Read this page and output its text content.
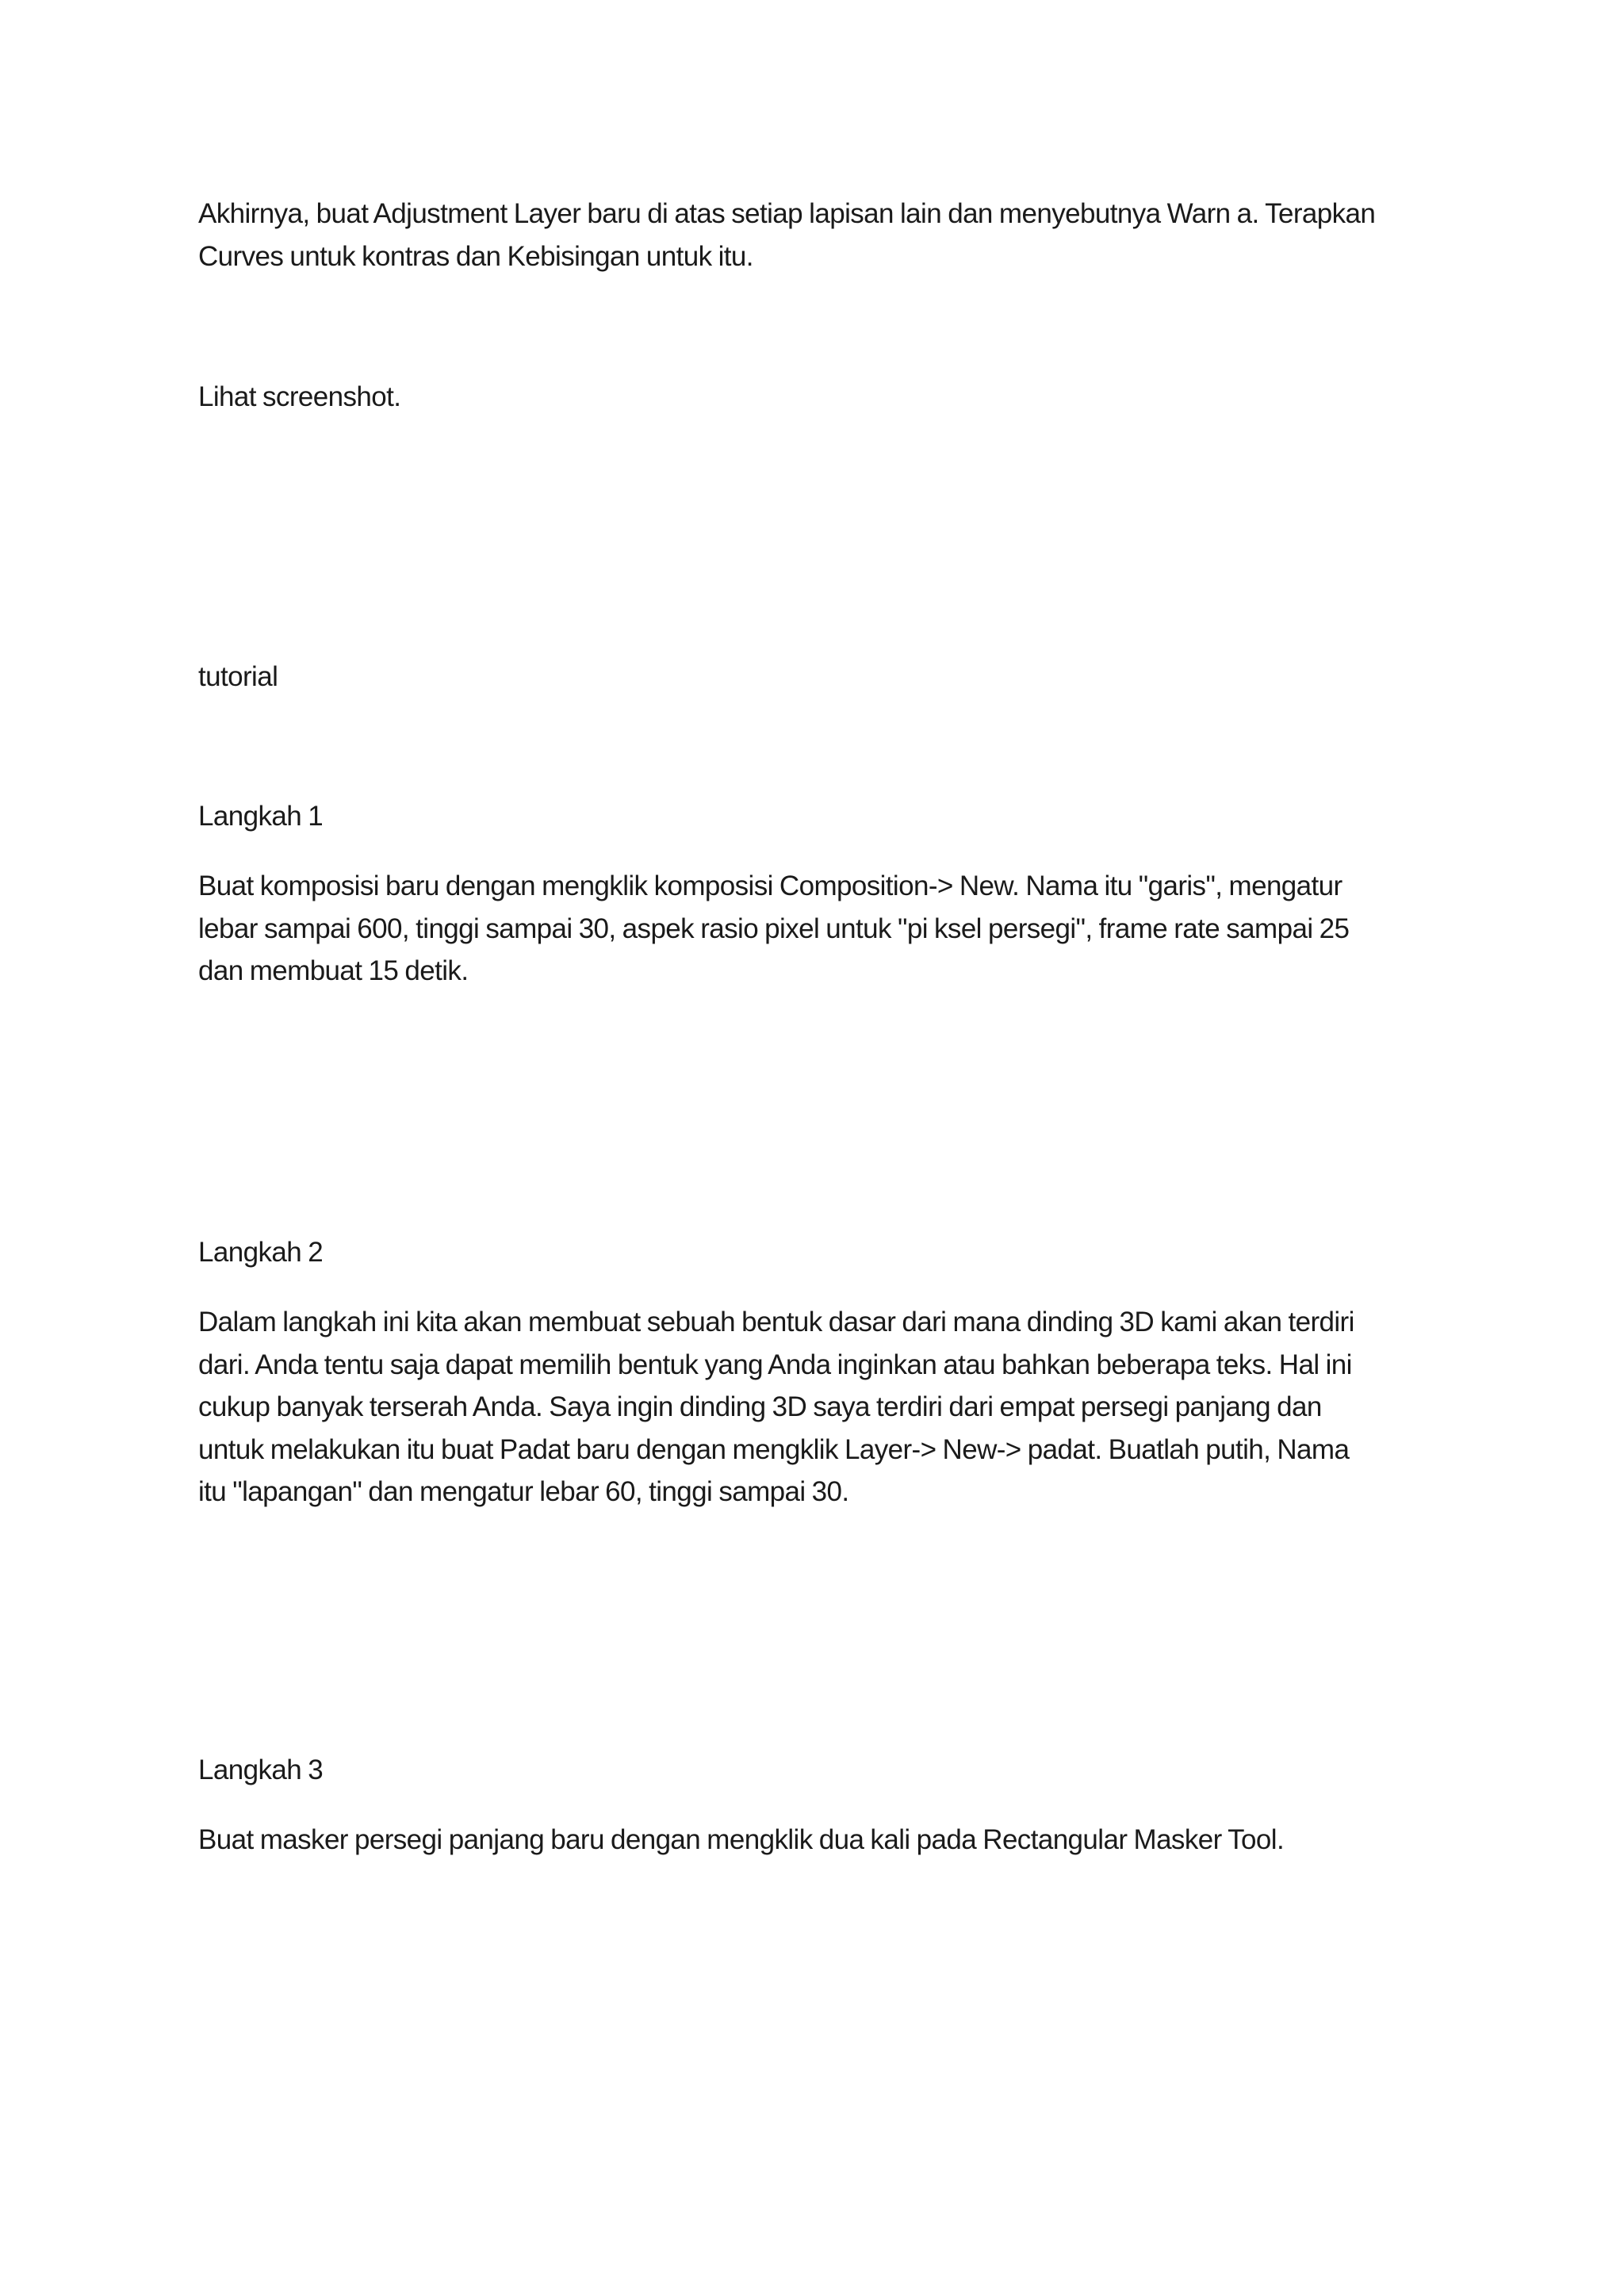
Akhirnya, buat Adjustment Layer baru di atas setiap lapisan lain dan menyebutnya Warn a. Terapkan
Curves untuk kontras dan Kebisingan untuk itu.

Lihat screenshot.

tutorial

Langkah 1

Buat komposisi baru dengan mengklik komposisi Composition-> New. Nama itu "garis", mengatur
lebar sampai 600, tinggi sampai 30, aspek rasio pixel untuk "pi ksel persegi", frame rate sampai 25
dan membuat 15 detik.

Langkah 2

Dalam langkah ini kita akan membuat sebuah bentuk dasar dari mana dinding 3D kami akan terdiri
dari. Anda tentu saja dapat memilih bentuk yang Anda inginkan atau bahkan beberapa teks. Hal ini
cukup banyak terserah Anda. Saya ingin dinding 3D saya terdiri dari empat persegi panjang dan
untuk melakukan itu buat Padat baru dengan mengklik Layer-> New-> padat. Buatlah putih, Nama
itu "lapangan" dan mengatur lebar 60, tinggi sampai 30.

Langkah 3

Buat masker persegi panjang baru dengan mengklik dua kali pada Rectangular Masker Tool.
